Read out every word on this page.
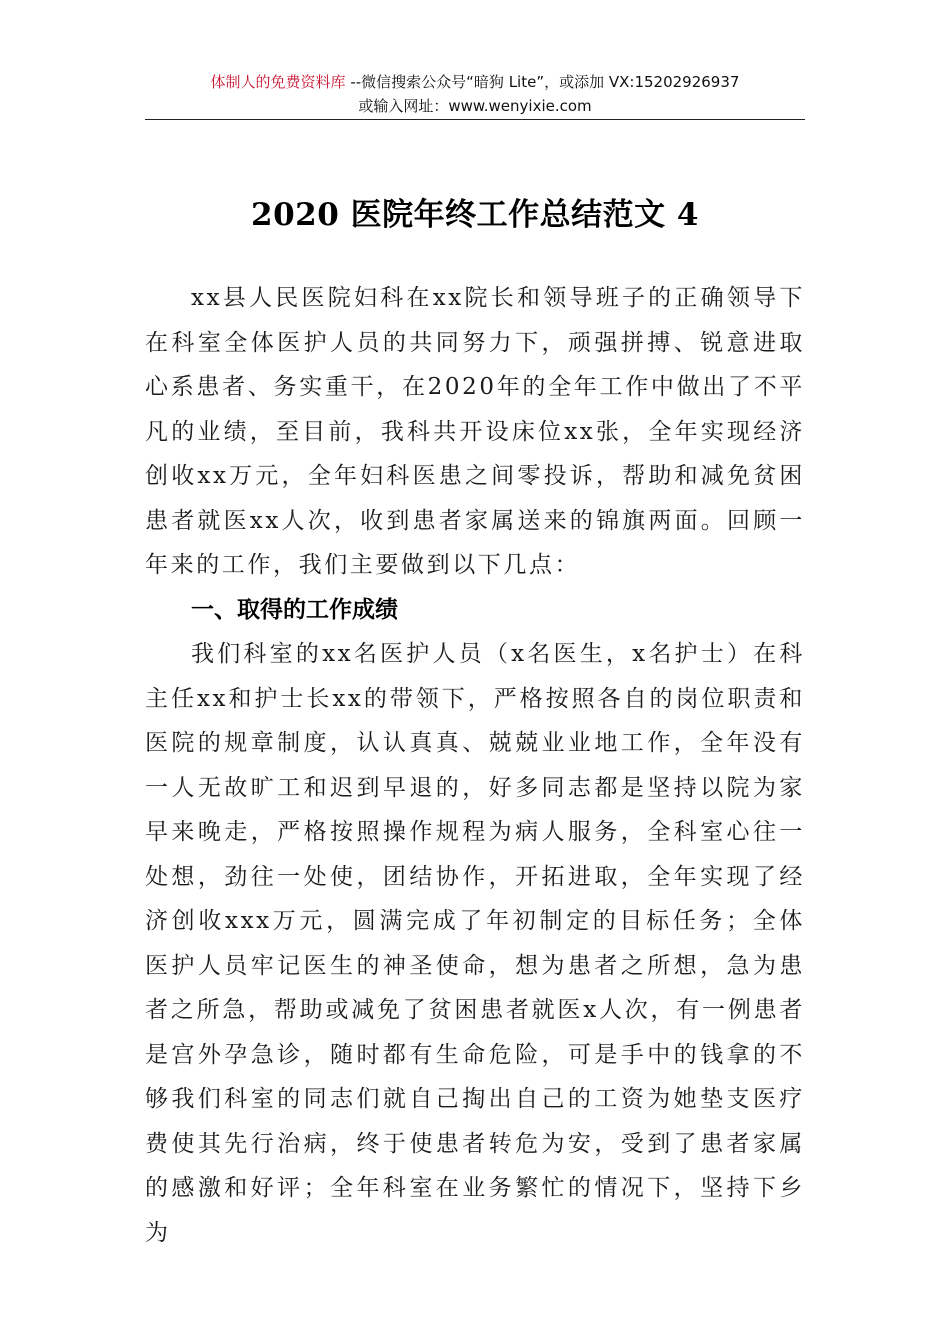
体制人的免费资料库 --微信搜索公众号“暗狗 Lite”，或添加 VX:15202926937
或输入网址：www.wenyixie.com
2020 医院年终工作总结范文 4

xx县人民医院妇科在xx院长和领导班子的正确领导下在科室全体医护人员的共同努力下，顽强拼搏、锐意进取心系患者、务实重干，在2020年的全年工作中做出了不平凡的业绩，至目前，我科共开设床位xx张，全年实现经济创收xx万元，全年妇科医患之间零投诉，帮助和减免贫困患者就医xx人次，收到患者家属送来的锦旗两面。回顾一年来的工作，我们主要做到以下几点：

一、取得的工作成绩

我们科室的xx名医护人员（x名医生，x名护士）在科主任xx和护士长xx的带领下，严格按照各自的岗位职责和医院的规章制度，认认真真、兢兢业业地工作，全年没有一人无故旷工和迟到早退的，好多同志都是坚持以院为家早来晚走，严格按照操作规程为病人服务，全科室心往一处想，劲往一处使，团结协作，开拓进取，全年实现了经济创收xxx万元，圆满完成了年初制定的目标任务；全体医护人员牢记医生的神圣使命，想为患者之所想，急为患者之所急，帮助或减免了贫困患者就医x人次，有一例患者是宫外孕急诊，随时都有生命危险，可是手中的钱拿的不够我们科室的同志们就自己掏出自己的工资为她垫支医疗费使其先行治病，终于使患者转危为安，受到了患者家属的感激和好评；全年科室在业务繁忙的情况下，坚持下乡为
